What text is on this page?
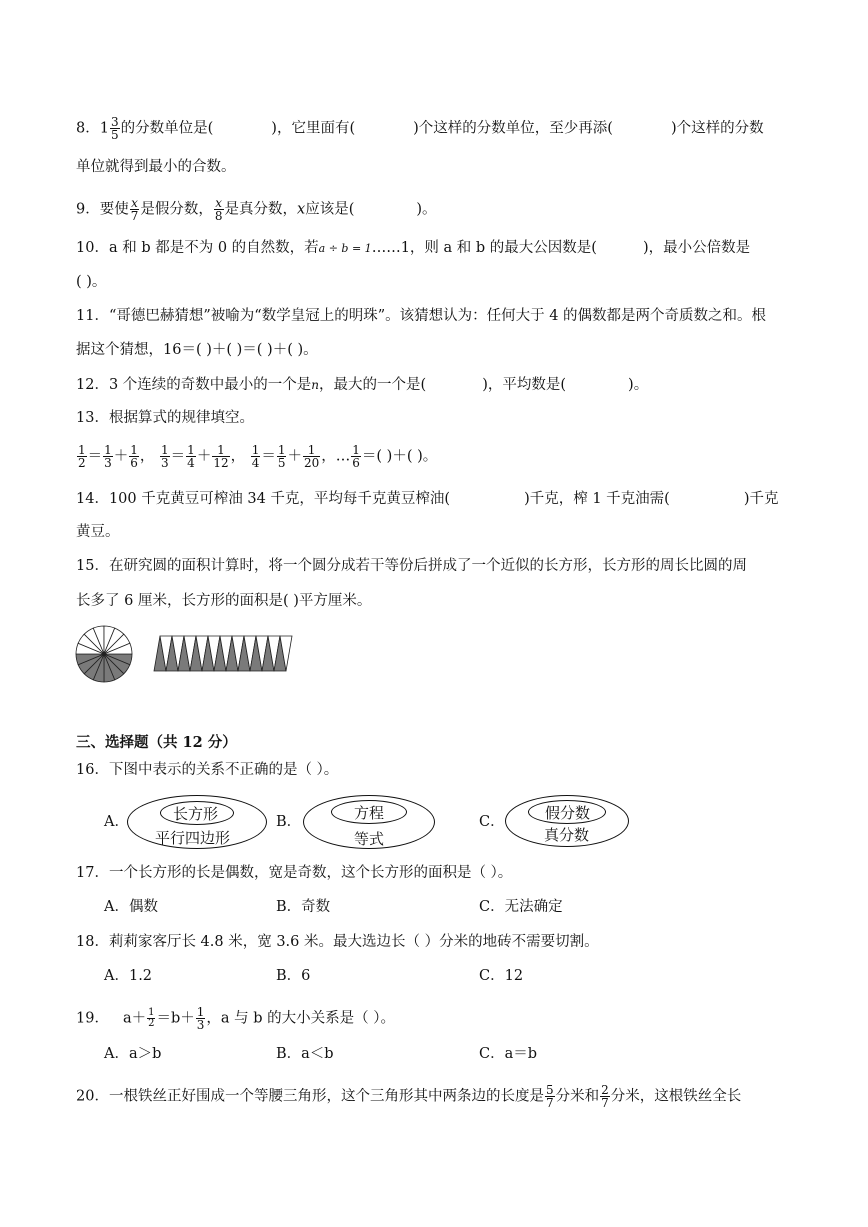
8．$1 \frac{3}{5}$ 的分数单位是(	)，它里面有(	)个这样的分数单位，至少再添(	)个这样的分数
单位就得到最小的合数。
9．要使 $\frac{x}{7}$ 是假分数， $\frac{x}{8}$ 是真分数，x应该是(	)。
10．a 和 b 都是不为 0 的自然数，若a ÷ b = 1……1，则 a 和 b 的最大公因数是(	)，最小公倍数是
( )。
11．“哥德巴赫猜想”被喻为“数学皇冠上的明珠”。该猜想认为：任何大于 4 的偶数都是两个奇质数之和。根
据这个猜想，16＝( )＋( )＝( )＋( )。
12．3 个连续的奇数中最小的一个是n，最大的一个是(	)，平均数是(	)。
13．根据算式的规律填空。
$\frac{1}{2} = \frac{1}{3} + \frac{1}{6}$ ， $\frac{1}{3} = \frac{1}{4} + \frac{1}{12}$ ， $\frac{1}{4} = \frac{1}{5} + \frac{1}{20}$ ，… $\frac{1}{6}$ ＝( )＋( )。
14．100 千克黄豆可榨油 34 千克，平均每千克黄豆榨油(	)千克，榨 1 千克油需(	)千克
黄豆。
15．在研究圆的面积计算时，将一个圆分成若干等份后拼成了一个近似的长方形，长方形的周长比圆的周
长多了 6 厘米，长方形的面积是( )平方厘米。
三、选择题（共 12 分）
16．下图中表示的关系不正确的是（ ）。
A．	长方形
平行四边形
B．	方程
等式
C．	假分数
真分数
17．一个长方形的长是偶数，宽是奇数，这个长方形的面积是（ ）。
A．偶数	B．奇数	C．无法确定
18．莉莉家客厅长 4.8 米，宽 3.6 米。最大选边长（ ）分米的地砖不需要切割。
A．1.2	B．6	C．12
19． $a+ \frac{1}{2} =b+ \frac{1}{3}$ ，a 与 b 的大小关系是（ ）。
A．a＞b	B．a＜b	C．a＝b
20．一根铁丝正好围成一个等腰三角形，这个三角形其中两条边的长度是 $\frac{5}{7}$ 分米和 $\frac{2}{7}$ 分米，这根铁丝全长
